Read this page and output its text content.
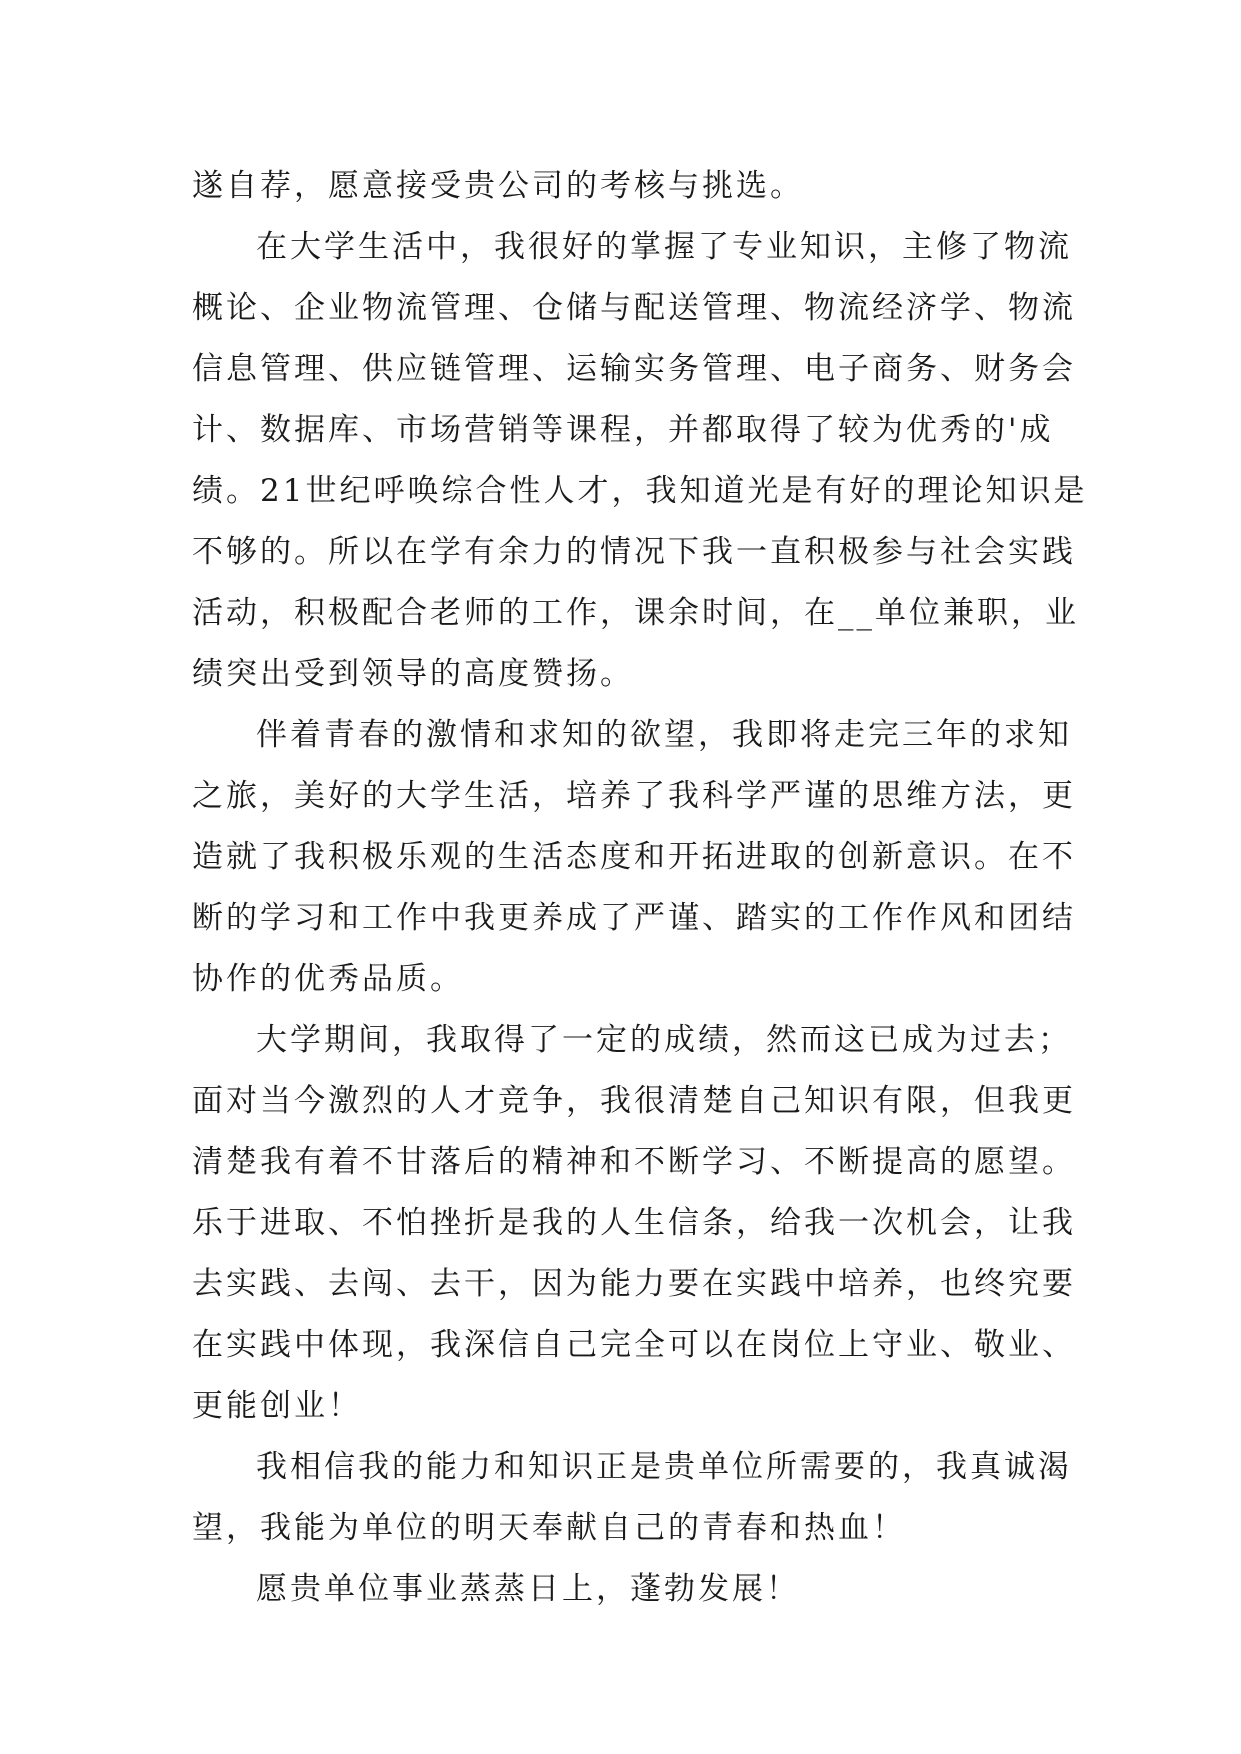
遂自荐，愿意接受贵公司的考核与挑选。
在大学生活中，我很好的掌握了专业知识，主修了物流
概论、企业物流管理、仓储与配送管理、物流经济学、物流
信息管理、供应链管理、运输实务管理、电子商务、财务会
计、数据库、市场营销等课程，并都取得了较为优秀的'成
绩。21世纪呼唤综合性人才，我知道光是有好的理论知识是
不够的。所以在学有余力的情况下我一直积极参与社会实践
活动，积极配合老师的工作，课余时间，在__单位兼职，业
绩突出受到领导的高度赞扬。
伴着青春的激情和求知的欲望，我即将走完三年的求知
之旅，美好的大学生活，培养了我科学严谨的思维方法，更
造就了我积极乐观的生活态度和开拓进取的创新意识。在不
断的学习和工作中我更养成了严谨、踏实的工作作风和团结
协作的优秀品质。
大学期间，我取得了一定的成绩，然而这已成为过去；
面对当今激烈的人才竞争，我很清楚自己知识有限，但我更
清楚我有着不甘落后的精神和不断学习、不断提高的愿望。
乐于进取、不怕挫折是我的人生信条，给我一次机会，让我
去实践、去闯、去干，因为能力要在实践中培养，也终究要
在实践中体现，我深信自己完全可以在岗位上守业、敬业、
更能创业！
我相信我的能力和知识正是贵单位所需要的，我真诚渴
望，我能为单位的明天奉献自己的青春和热血！
愿贵单位事业蒸蒸日上，蓬勃发展！
